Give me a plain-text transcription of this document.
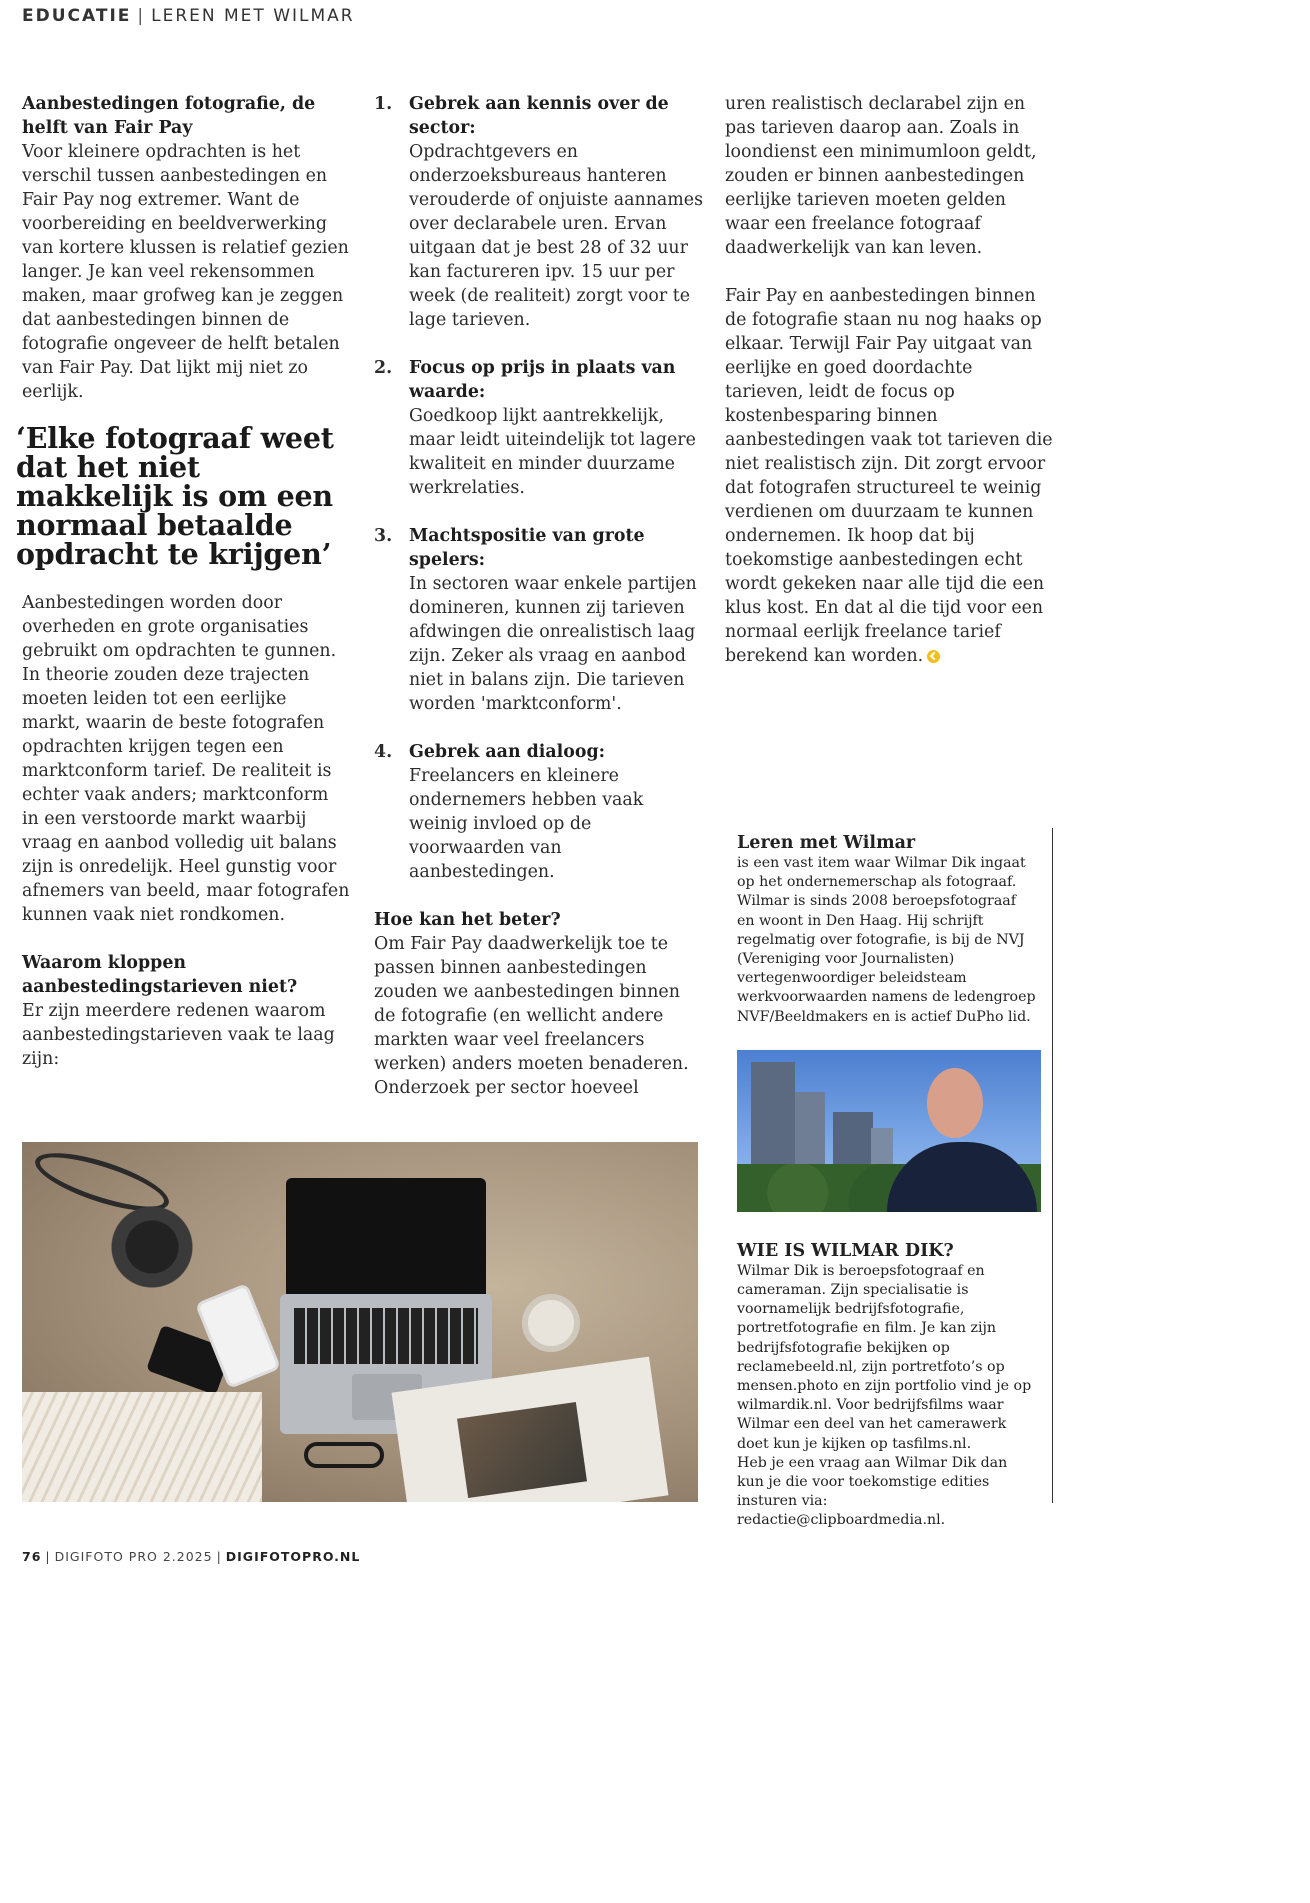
EDUCATIE | LEREN MET WILMAR
Aanbestedingen fotografie, de helft van Fair Pay

Voor kleinere opdrachten is het verschil tussen aanbestedingen en Fair Pay nog extremer. Want de voorbereiding en beeldverwerking van kortere klussen is relatief gezien langer. Je kan veel rekensommen maken, maar grofweg kan je zeggen dat aanbestedingen binnen de fotografie ongeveer de helft betalen van Fair Pay. Dat lijkt mij niet zo eerlijk.

‘Elke fotograaf weet dat het niet makkelijk is om een normaal betaalde opdracht te krijgen’

Aanbestedingen worden door overheden en grote organisaties gebruikt om opdrachten te gunnen. In theorie zouden deze trajecten moeten leiden tot een eerlijke markt, waarin de beste fotografen opdrachten krijgen tegen een marktconform tarief. De realiteit is echter vaak anders; marktconform in een verstoorde markt waarbij vraag en aanbod volledig uit balans zijn is onredelijk. Heel gunstig voor afnemers van beeld, maar fotografen kunnen vaak niet rondkomen.

Waarom kloppen aanbestedingstarieven niet?

Er zijn meerdere redenen waarom aanbestedingstarieven vaak te laag zijn:

1. Gebrek aan kennis over de sector:

Opdrachtgevers en onderzoeksbureaus hanteren verouderde of onjuiste aannames over declarabele uren. Ervan uitgaan dat je best 28 of 32 uur kan factureren ipv. 15 uur per week (de realiteit) zorgt voor te lage tarieven.

2. Focus op prijs in plaats van waarde:

Goedkoop lijkt aantrekkelijk, maar leidt uiteindelijk tot lagere kwaliteit en minder duurzame werkrelaties.

3. Machtspositie van grote spelers:

In sectoren waar enkele partijen domineren, kunnen zij tarieven afdwingen die onrealistisch laag zijn. Zeker als vraag en aanbod niet in balans zijn. Die tarieven worden 'marktconform'.

4. Gebrek aan dialoog:

Freelancers en kleinere ondernemers hebben vaak weinig invloed op de voorwaarden van aanbestedingen.

Hoe kan het beter?

Om Fair Pay daadwerkelijk toe te passen binnen aanbestedingen zouden we aanbestedingen binnen de fotografie (en wellicht andere markten waar veel freelancers werken) anders moeten benaderen. Onderzoek per sector hoeveel

uren realistisch declarabel zijn en pas tarieven daarop aan. Zoals in loondienst een minimumloon geldt, zouden er binnen aanbestedingen eerlijke tarieven moeten gelden waar een freelance fotograaf daadwerkelijk van kan leven.

Fair Pay en aanbestedingen binnen de fotografie staan nu nog haaks op elkaar. Terwijl Fair Pay uitgaat van eerlijke en goed doordachte tarieven, leidt de focus op kostenbesparing binnen aanbestedingen vaak tot tarieven die niet realistisch zijn. Dit zorgt ervoor dat fotografen structureel te weinig verdienen om duurzaam te kunnen ondernemen. Ik hoop dat bij toekomstige aanbestedingen echt wordt gekeken naar alle tijd die een klus kost. En dat al die tijd voor een normaal eerlijk freelance tarief berekend kan worden.

Leren met Wilmar

is een vast item waar Wilmar Dik ingaat op het ondernemerschap als fotograaf. Wilmar is sinds 2008 beroepsfotograaf en woont in Den Haag. Hij schrijft regelmatig over fotografie, is bij de NVJ (Vereniging voor Journalisten) vertegenwoordiger beleidsteam werkvoorwaarden namens de ledengroep NVF/Beeldmakers en is actief DuPho lid.

WIE IS WILMAR DIK?

Wilmar Dik is beroepsfotograaf en cameraman. Zijn specialisatie is voornamelijk bedrijfsfotografie, portretfotografie en film. Je kan zijn bedrijfsfotografie bekijken op reclamebeeld.nl, zijn portretfoto’s op mensen.photo en zijn portfolio vind je op wilmardik.nl. Voor bedrijfsfilms waar Wilmar een deel van het camerawerk doet kun je kijken op tasfilms.nl.

Heb je een vraag aan Wilmar Dik dan kun je die voor toekomstige edities insturen via: redactie@clipboardmedia.nl.

76 | DIGIFOTO PRO 2.2025 | DIGIFOTOPRO.NL
